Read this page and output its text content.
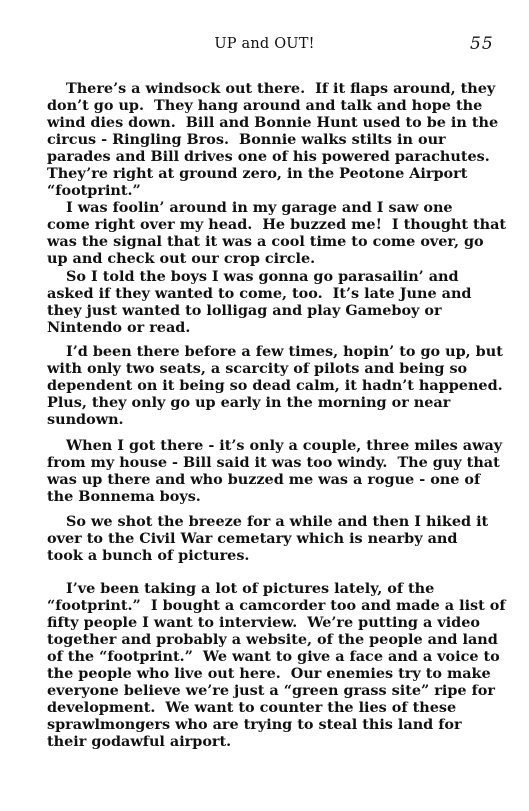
UP and OUT!	55
There’s a windsock out there.  If it flaps around, they
don’t go up.  They hang around and talk and hope the
wind dies down.  Bill and Bonnie Hunt used to be in the
circus - Ringling Bros.  Bonnie walks stilts in our
parades and Bill drives one of his powered parachutes.
They’re right at ground zero, in the Peotone Airport
“footprint.”
I was foolin’ around in my garage and I saw one
come right over my head.  He buzzed me!  I thought that
was the signal that it was a cool time to come over, go
up and check out our crop circle.
So I told the boys I was gonna go parasailin’ and
asked if they wanted to come, too.  It’s late June and
they just wanted to lolligag and play Gameboy or
Nintendo or read.
I’d been there before a few times, hopin’ to go up, but
with only two seats, a scarcity of pilots and being so
dependent on it being so dead calm, it hadn’t happened.
Plus, they only go up early in the morning or near
sundown.
When I got there - it’s only a couple, three miles away
from my house - Bill said it was too windy.  The guy that
was up there and who buzzed me was a rogue - one of
the Bonnema boys.
So we shot the breeze for a while and then I hiked it
over to the Civil War cemetary which is nearby and
took a bunch of pictures.
I’ve been taking a lot of pictures lately, of the
“footprint.”  I bought a camcorder too and made a list of
fifty people I want to interview.  We’re putting a video
together and probably a website, of the people and land
of the “footprint.”  We want to give a face and a voice to
the people who live out here.  Our enemies try to make
everyone believe we’re just a “green grass site” ripe for
development.  We want to counter the lies of these
sprawlmongers who are trying to steal this land for
their godawful airport.
